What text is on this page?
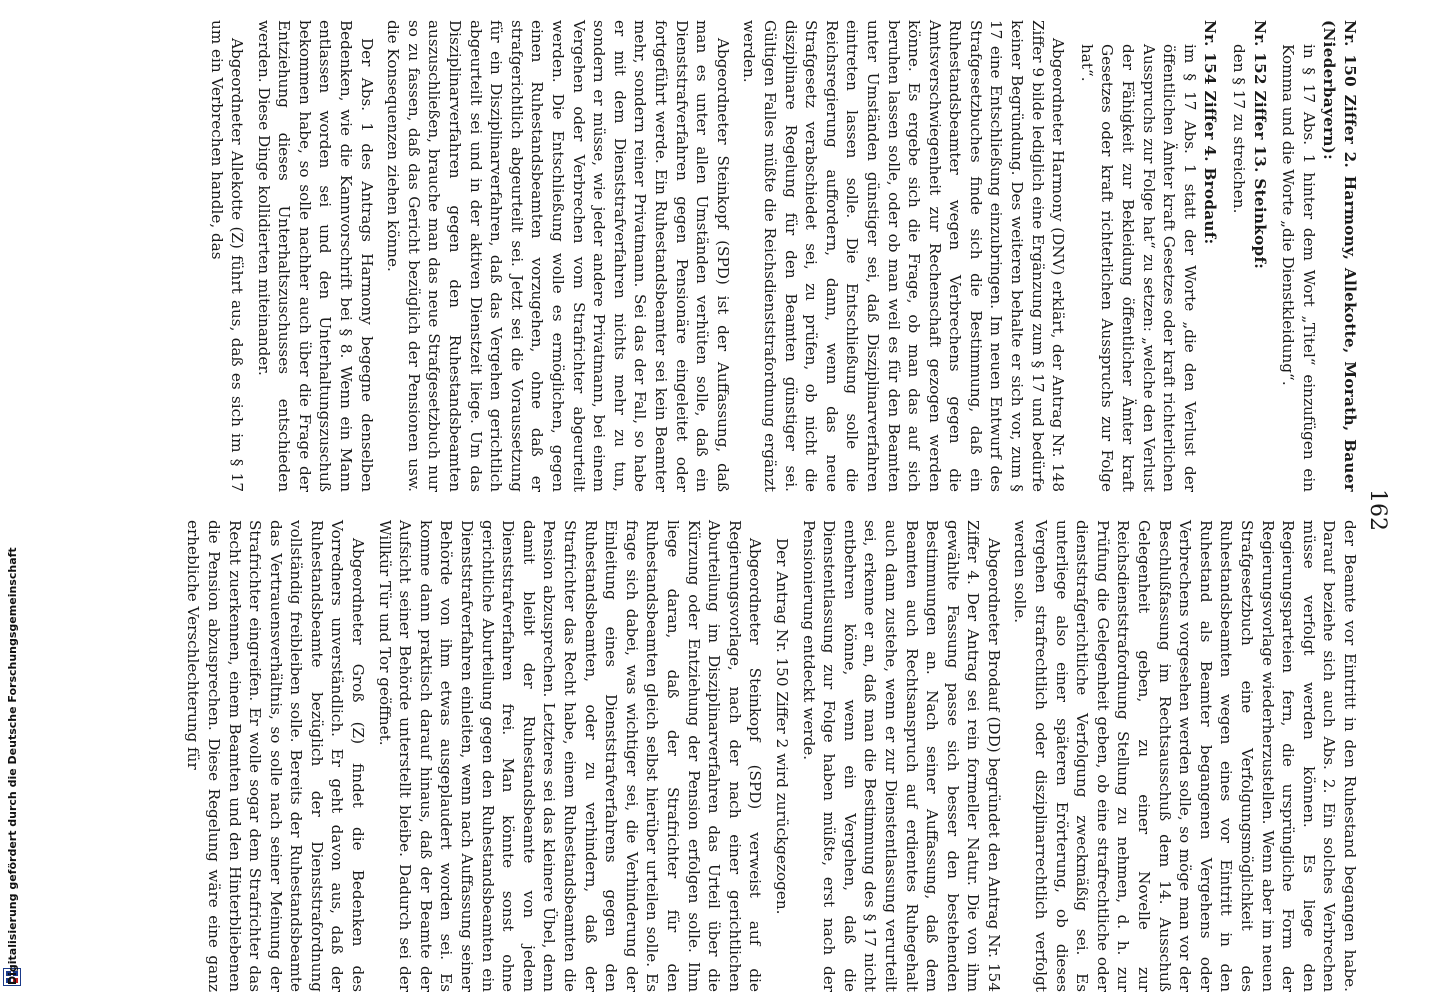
Digitalisierung gefördert durch die Deutsche Forschungsgemeinschaft
162

Nr. 150 Ziffer 2. Harmony, Allekotte, Morath, Bauer (Niederbayern):
in § 17 Abs. 1 hinter dem Wort „Titel“ einzufügen ein Komma und die Worte „die Dienstkleidung“.

Nr. 152 Ziffer 13. Steinkopf:
den § 17 zu streichen.

Nr. 154 Ziffer 4. Brodauf:
im § 17 Abs. 1 statt der Worte „die den Verlust der öffentlichen Ämter kraft Gesetzes oder kraft richterlichen Ausspruchs zur Folge hat“ zu setzen: „welche den Verlust der Fähigkeit zur Bekleidung öffentlicher Ämter kraft Gesetzes oder kraft richterlichen Ausspruchs zur Folge hat“.

Abgeordneter Harmony (DNV) erklärt, der Antrag Nr. 148 Ziffer 9 bilde lediglich eine Ergänzung zum § 17 und bedürfe keiner Begründung. Des weiteren behalte er sich vor, zum § 17 eine Entschließung einzubringen. Im neuen Entwurf des Strafgesetzbuches finde sich die Bestimmung, daß ein Ruhestandsbeamter wegen Verbrechens gegen die Amtsverschwiegenheit zur Rechenschaft gezogen werden könne. Es ergebe sich die Frage, ob man das auf sich beruhen lassen solle, oder ob man weil es für den Beamten unter Umständen günstiger sei, daß Disziplinarverfahren eintreten lassen solle. Die Entschließung solle die Reichsregierung auffordern, dann, wenn das neue Strafgesetz verabschiedet sei, zu prüfen, ob nicht die disziplinare Regelung für den Beamten günstiger sei. Gültigen Falles müßte die Reichsdienststrafordnung ergänzt werden.

Abgeordneter Steinkopf (SPD) ist der Auffassung, daß man es unter allen Umständen verhüten solle, daß ein Dienststrafverfahren gegen Pensionäre eingeleitet oder fortgeführt werde. Ein Ruhestandsbeamter sei kein Beamter mehr, sondern reiner Privatmann. Sei das der Fall, so habe er mit dem Dienststrafverfahren nichts mehr zu tun, sondern er müsse, wie jeder andere Privatmann, bei einem Vergehen oder Verbrechen vom Strafrichter abgeurteilt werden. Die Entschließung wolle es ermöglichen, gegen einen Ruhestandsbeamten vorzugehen, ohne daß er strafgerichtlich abgeurteilt sei. Jetzt sei die Voraussetzung für ein Disziplinarverfahren, daß das Vergehen gerichtlich abgeurteilt sei und in der aktiven Dienstzeit liege. Um das Disziplinarverfahren gegen den Ruhestandsbeamten auszuschließen, brauche man das neue Strafgesetzbuch nur so zu fassen, daß das Gericht bezüglich der Pensionen usw. die Konsequenzen ziehen könne.

Der Abs. 1 des Antrags Harmony begegne denselben Bedenken, wie die Kannvorschrift bei § 8. Wenn ein Mann entlassen worden sei und den Unterhaltungszuschuß bekommen habe, so solle nachher auch über die Frage der Entziehung dieses Unterhaltszuschusses entschieden werden. Diese Dinge kollidierten miteinander.

Abgeordneter Allekotte (Z) führt aus, daß es sich im § 17 um ein Verbrechen handle, das

der Beamte vor Eintritt in den Ruhestand begangen habe. Darauf beziehe sich auch Abs. 2. Ein solches Verbrechen müsse verfolgt werden können. Es liege den Regierungsparteien fern, die ursprüngliche Form der Regierungsvorlage wiederherzustellen. Wenn aber im neuen Strafgesetzbuch eine Verfolgungsmöglichkeit des Ruhestandsbeamten wegen eines vor Eintritt in den Ruhestand als Beamter begangenen Vergehens oder Verbrechens vorgesehen werden solle, so möge man vor der Beschlußfassung im Rechtsausschuß dem 14. Ausschuß Gelegenheit geben, zu einer Novelle zur Reichsdienststrafordnung Stellung zu nehmen, d. h. zur Prüfung die Gelegenheit geben, ob eine strafrechtliche oder dienststrafgerichtliche Verfolgung zweckmäßig sei. Es unterliege also einer späteren Erörterung, ob dieses Vergehen strafrechtlich oder disziplinarrechtlich verfolgt werden solle.

Abgeordneter Brodauf (DD) begründet den Antrag Nr. 154 Ziffer 4. Der Antrag sei rein formeller Natur. Die von ihm gewählte Fassung passe sich besser den bestehenden Bestimmungen an. Nach seiner Auffassung, daß dem Beamten auch Rechtsanspruch auf erdientes Ruhegehalt auch dann zustehe, wenn er zur Dienstentlassung verurteilt sei, erkenne er an, daß man die Bestimmung des § 17 nicht entbehren könne, wenn ein Vergehen, daß die Dienstentlassung zur Folge haben müßte, erst nach der Pensionierung entdeckt werde.

Der Antrag Nr. 150 Ziffer 2 wird zurückgezogen.

Abgeordneter Steinkopf (SPD) verweist auf die Regierungsvorlage, nach der nach einer gerichtlichen Aburteilung im Disziplinarverfahren das Urteil über die Kürzung oder Entziehung der Pension erfolgen solle. Ihm liege daran, daß der Strafrichter für den Ruhestandsbeamten gleich selbst hierüber urteilen solle. Es frage sich dabei, was wichtiger sei, die Verhinderung der Einleitung eines Dienststrafverfahrens gegen den Ruhestandsbeamten, oder zu verhindern, daß der Strafrichter das Recht habe, einem Ruhestandsbeamten die Pension abzusprechen. Letzteres sei das kleinere Übel, denn damit bleibt der Ruhestandsbeamte von jedem Dienststrafverfahren frei. Man könnte sonst ohne gerichtliche Aburteilung gegen den Ruhestandsbeamten ein Dienststrafverfahren einleiten, wenn nach Auffassung seiner Behörde von ihm etwas ausgeplaudert worden sei. Es komme dann praktisch darauf hinaus, daß der Beamte der Aufsicht seiner Behörde unterstellt bleibe. Dadurch sei der Willkür Tür und Tor geöffnet.

Abgeordneter Groß (Z) findet die Bedenken des Vorredners unverständlich. Er geht davon aus, daß der Ruhestandsbeamte bezüglich der Dienststrafordnung vollständig freibleiben solle. Bereits der Ruhestandsbeamte das Vertrauensverhältnis, so solle nach seiner Meinung der Strafrichter eingreifen. Er wolle sogar dem Strafrichter das Recht zuerkennen, einem Beamten und den Hinterbliebenen die Pension abzusprechen. Diese Regelung wäre eine ganz erhebliche Verschlechterung für
